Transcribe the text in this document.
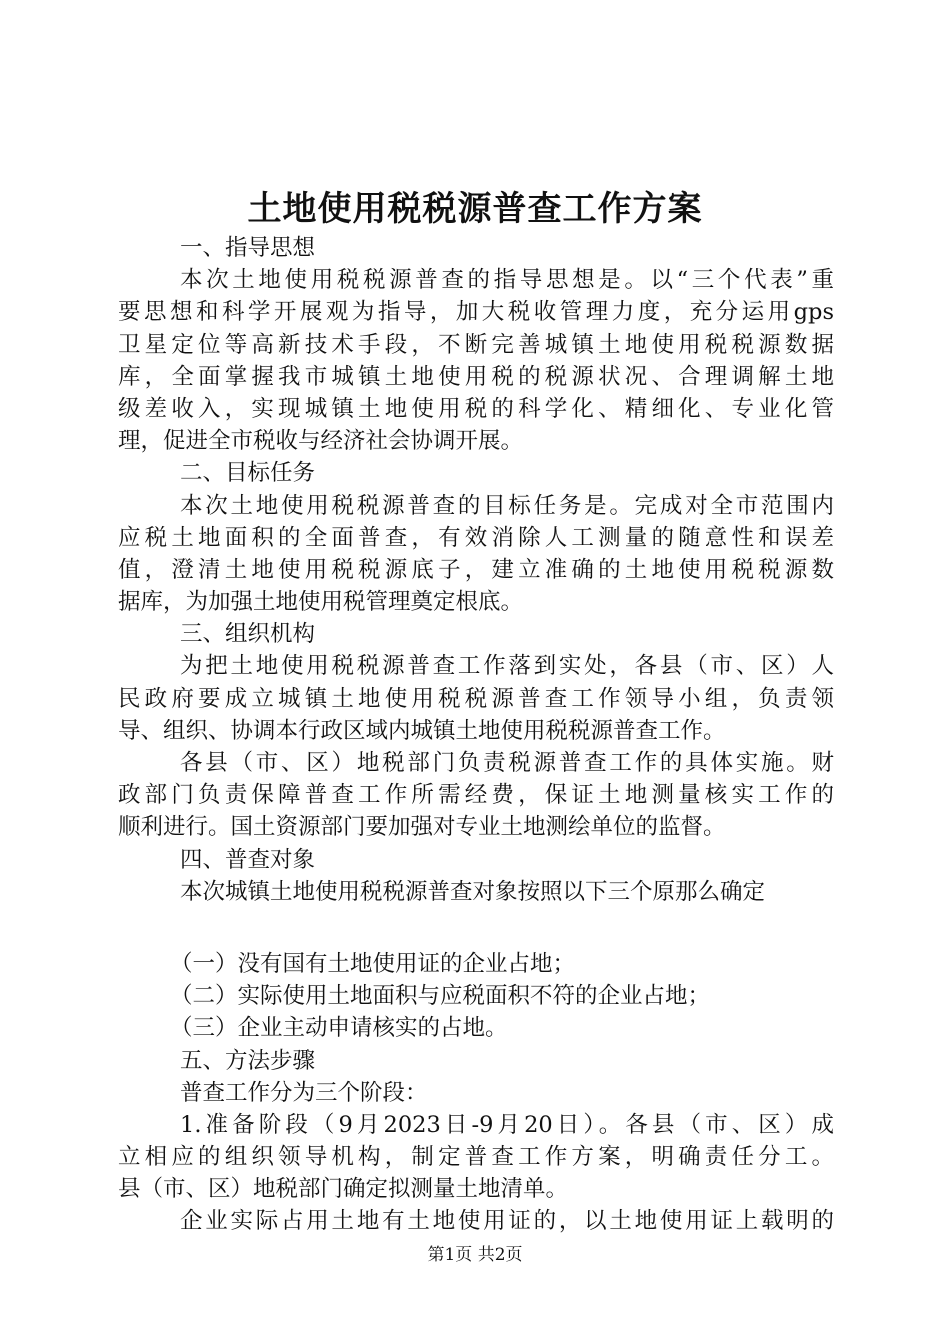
土地使用税税源普查工作方案
一、指导思想
本次土地使用税税源普查的指导思想是。以“三个代表”重
要思想和科学开展观为指导，加大税收管理力度，充分运用gps
卫星定位等高新技术手段，不断完善城镇土地使用税税源数据
库，全面掌握我市城镇土地使用税的税源状况、合理调解土地
级差收入，实现城镇土地使用税的科学化、精细化、专业化管
理，促进全市税收与经济社会协调开展。
二、目标任务
本次土地使用税税源普查的目标任务是。完成对全市范围内
应税土地面积的全面普查，有效消除人工测量的随意性和误差
值，澄清土地使用税税源底子，建立准确的土地使用税税源数
据库，为加强土地使用税管理奠定根底。
三、组织机构
为把土地使用税税源普查工作落到实处，各县（市、区）人
民政府要成立城镇土地使用税税源普查工作领导小组，负责领
导、组织、协调本行政区域内城镇土地使用税税源普查工作。
各县（市、区）地税部门负责税源普查工作的具体实施。财
政部门负责保障普查工作所需经费，保证土地测量核实工作的
顺利进行。国土资源部门要加强对专业土地测绘单位的监督。
四、普查对象
本次城镇土地使用税税源普查对象按照以下三个原那么确定
（一）没有国有土地使用证的企业占地；
（二）实际使用土地面积与应税面积不符的企业占地；
（三）企业主动申请核实的占地。
五、方法步骤
普查工作分为三个阶段：
1.准备阶段（9月2023日-9月20日）。各县（市、区）成
立相应的组织领导机构，制定普查工作方案，明确责任分工。
县（市、区）地税部门确定拟测量土地清单。
企业实际占用土地有土地使用证的，以土地使用证上载明的
第1页 共2页
